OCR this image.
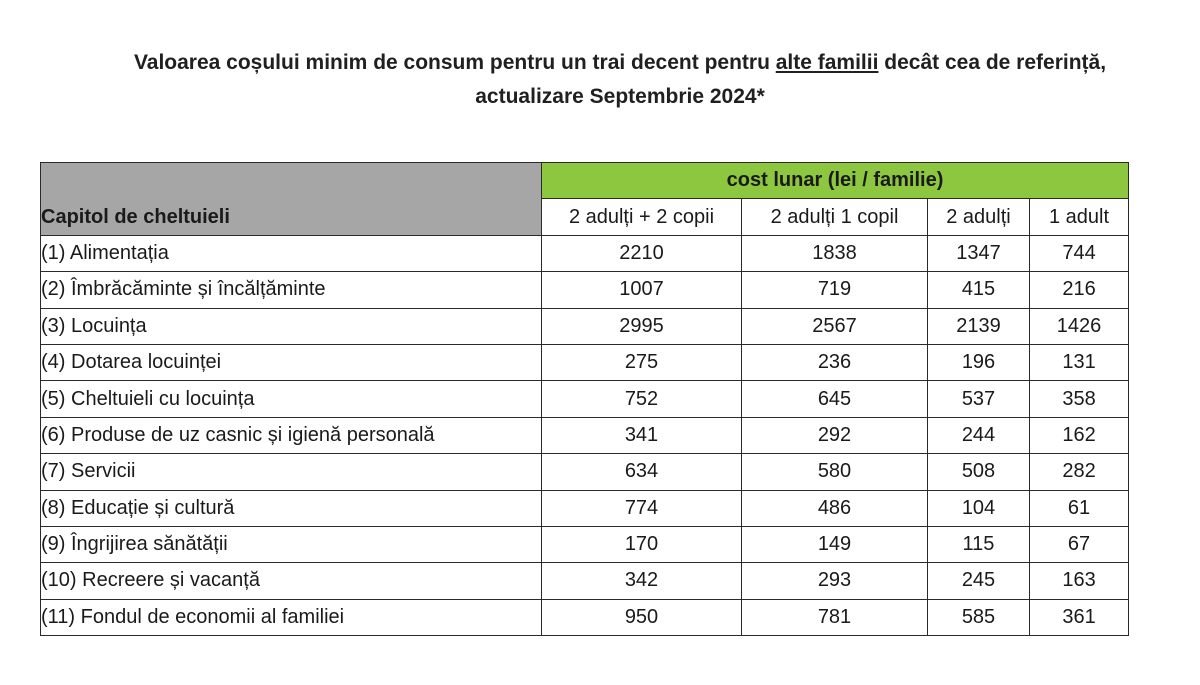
Valoarea coșului minim de consum pentru un trai decent pentru alte familii decât cea de referință,
actualizare Septembrie 2024*
Capitol de cheltuieli	cost lunar (lei / familie)			
	2 adulți + 2 copii	2 adulți 1 copil	2 adulți	1 adult
(1) Alimentația	2210	1838	1347	744
(2) Îmbrăcăminte și încălțăminte	1007	719	415	216
(3) Locuința	2995	2567	2139	1426
(4) Dotarea locuinței	275	236	196	131
(5) Cheltuieli cu locuința	752	645	537	358
(6) Produse de uz casnic și igienă personală	341	292	244	162
(7) Servicii	634	580	508	282
(8) Educație și cultură	774	486	104	61
(9) Îngrijirea sănătății	170	149	115	67
(10) Recreere și vacanță	342	293	245	163
(11) Fondul de economii al familiei	950	781	585	361
